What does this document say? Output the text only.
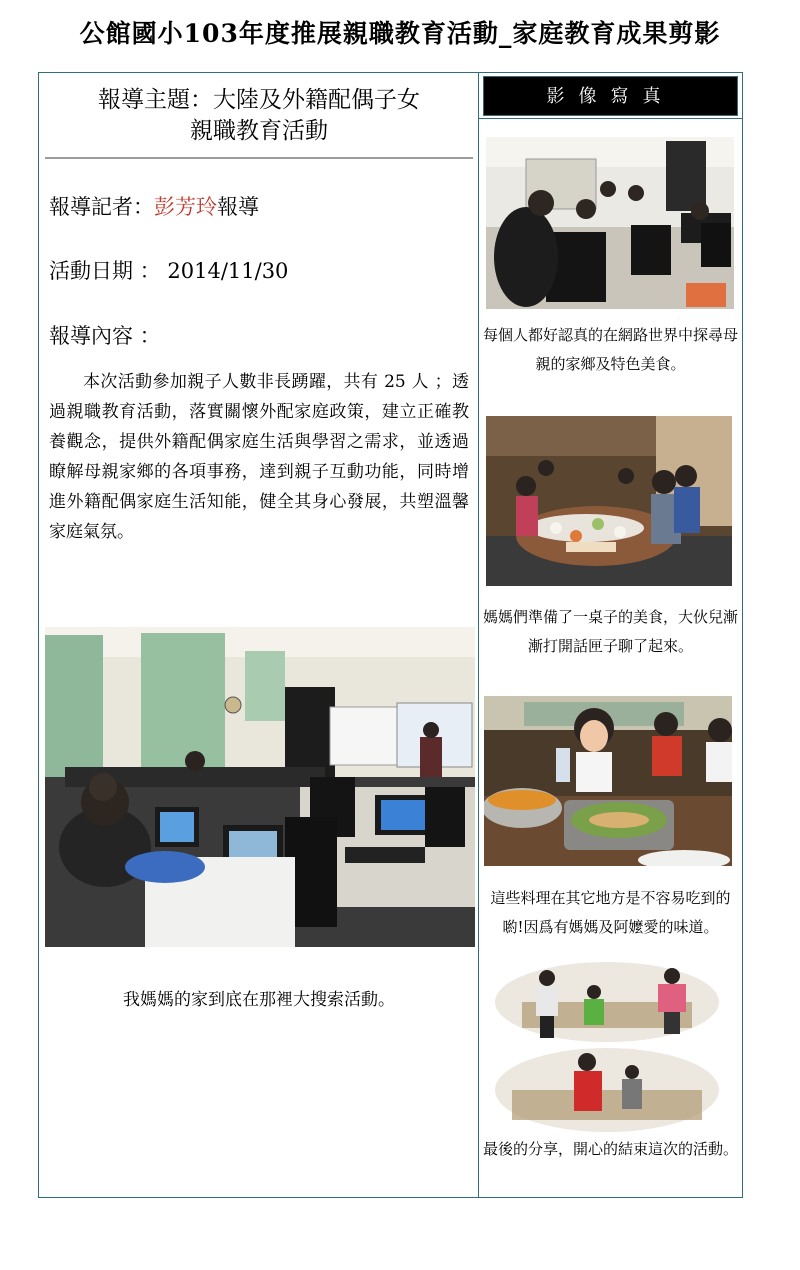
公館國小103年度推展親職教育活動_家庭教育成果剪影
報導主題：大陸及外籍配偶子女
親職教育活動
報導記者：彭芳玲報導
活動日期 ： 2014/11/30
報導內容 ：
本次活動參加親子人數非長踴躍，共有 25 人 ；透過親職教育活動，落實關懷外配家庭政策，建立正確教養觀念，提供外籍配偶家庭生活與學習之需求，並透過瞭解母親家鄉的各項事務，達到親子互動功能，同時增進外籍配偶家庭生活知能，健全其身心發展，共塑溫馨家庭氣氛。
我媽媽的家到底在那裡大搜索活動。
影像寫真
每個人都好認真的在網路世界中探尋母親的家鄉及特色美食。
媽媽們準備了一桌子的美食，大伙兒漸漸打開話匣子聊了起來。
這些料理在其它地方是不容易吃到的喲!因爲有媽媽及阿嬤愛的味道。
最後的分享，開心的結束這次的活動。
